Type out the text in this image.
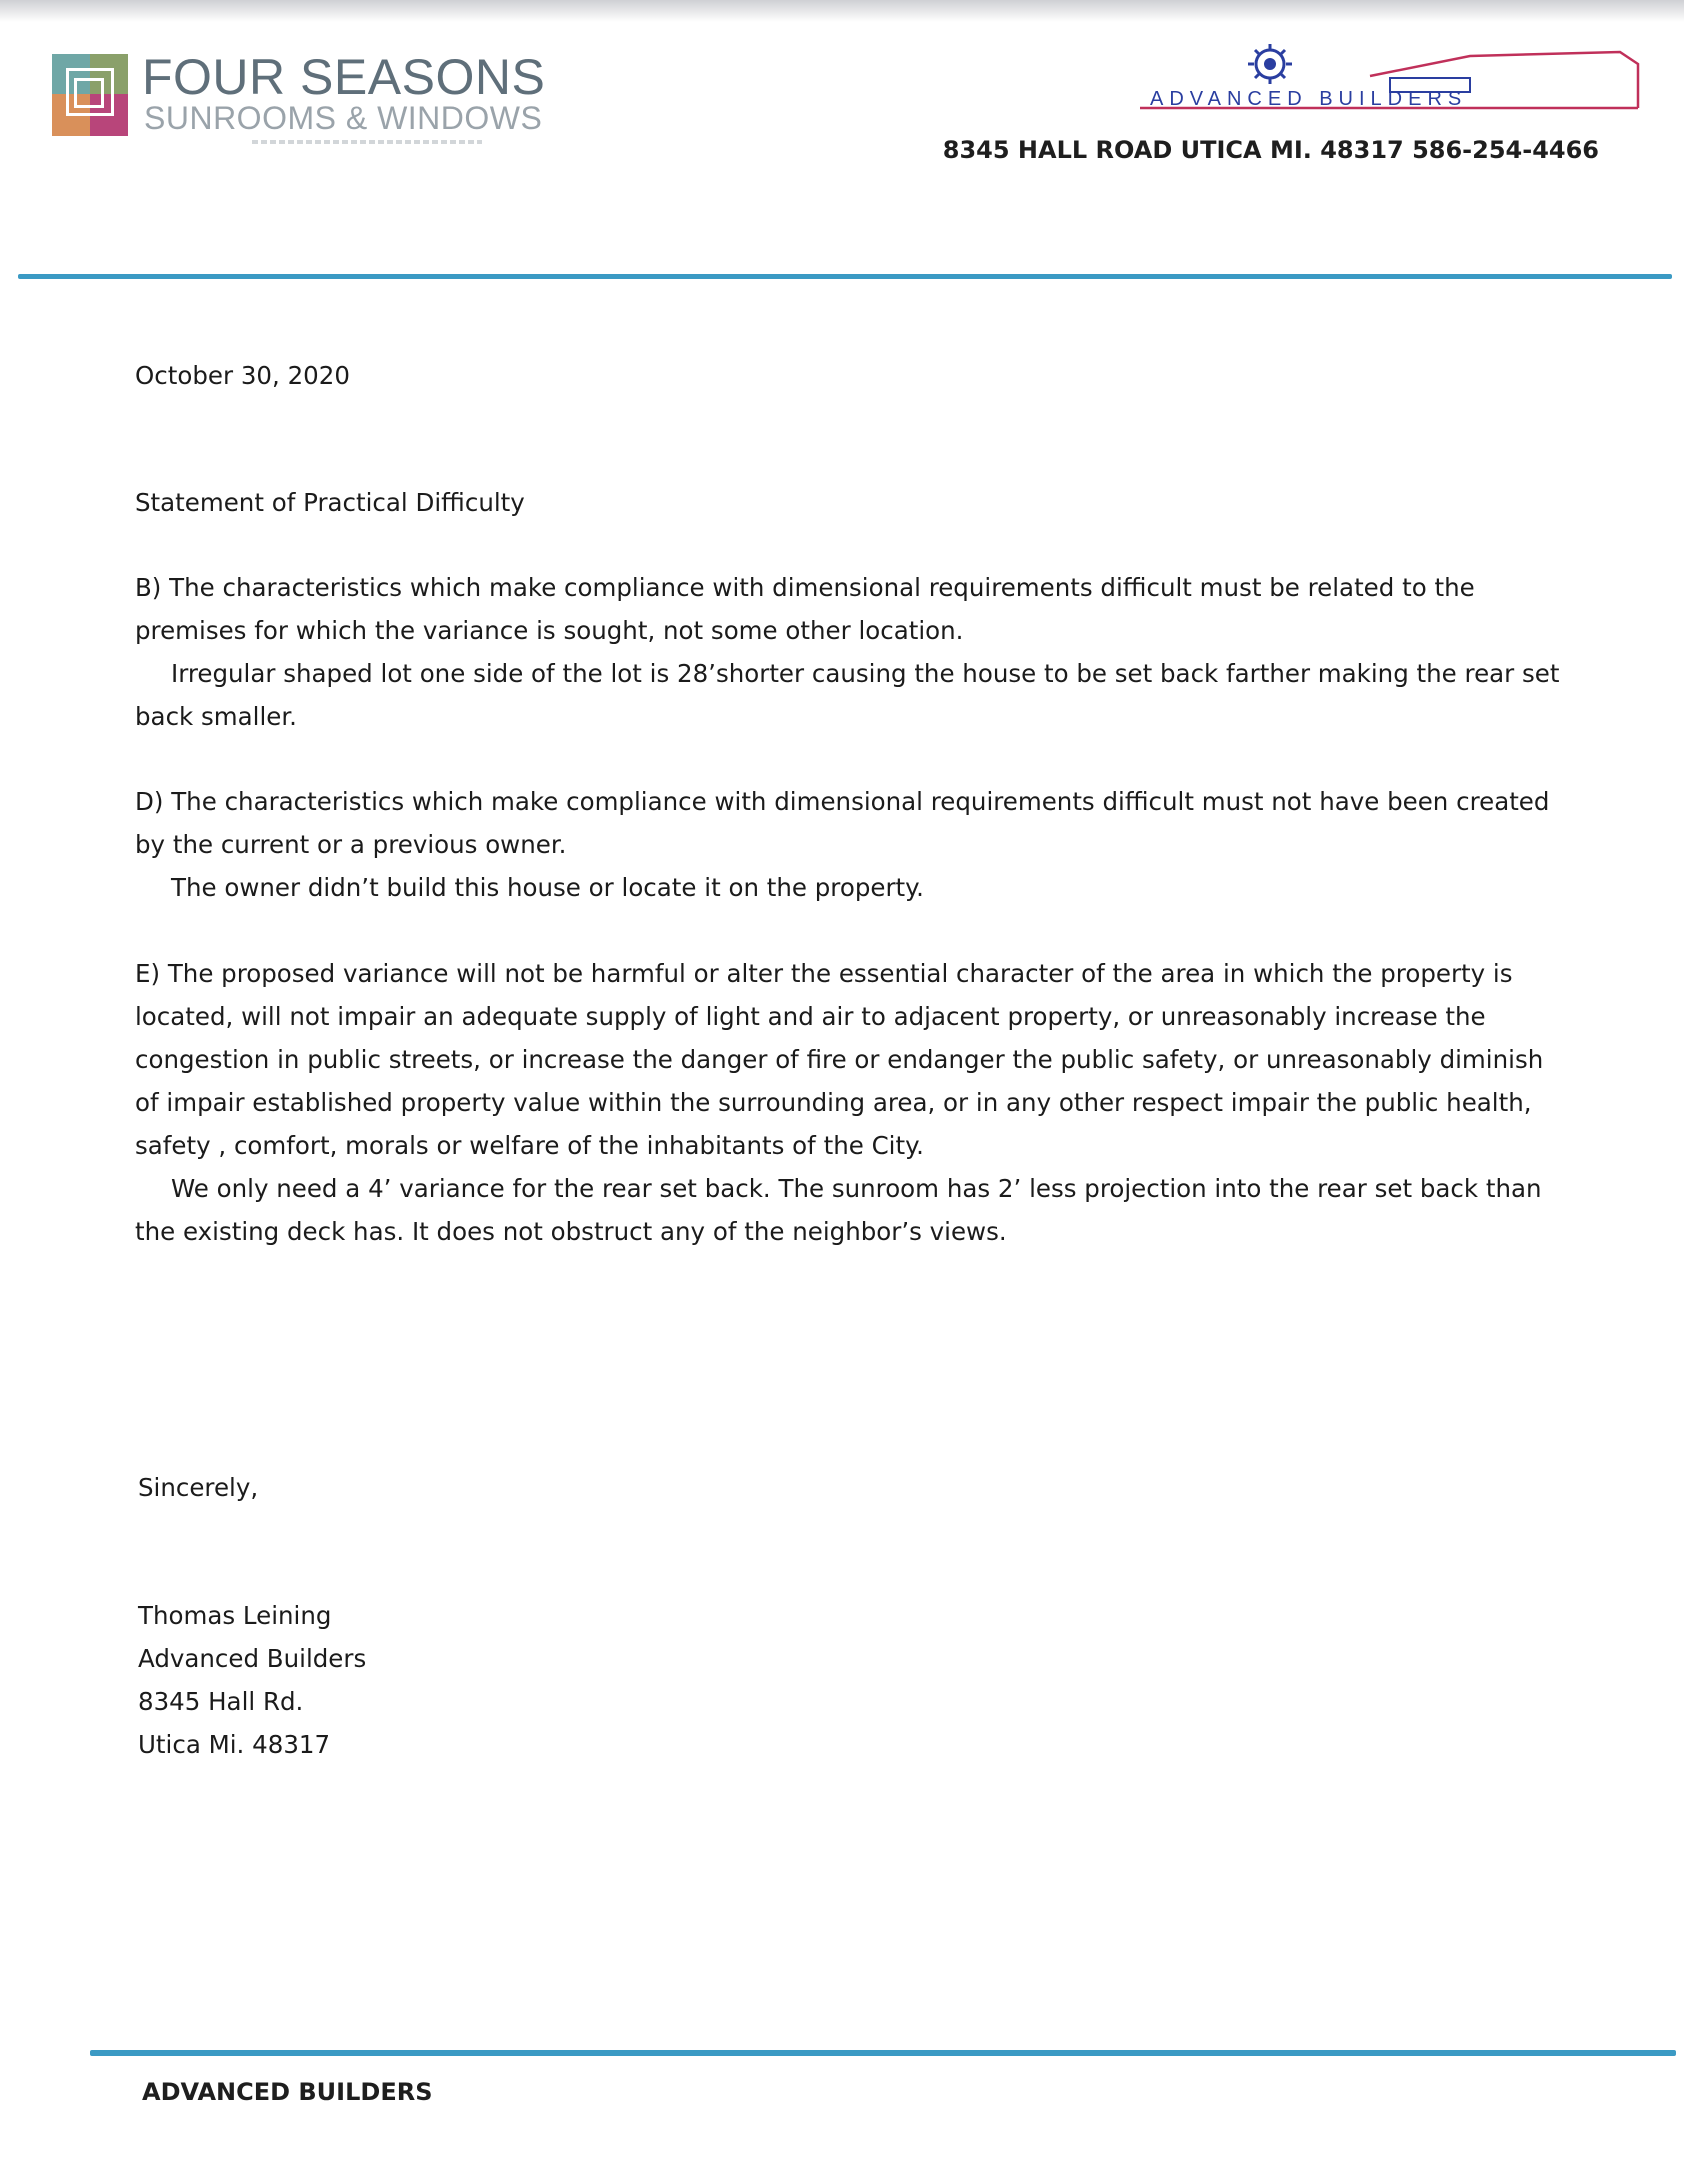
FOUR SEASONS
SUNROOMS & WINDOWS
ADVANCED BUILDERS
8345 HALL ROAD UTICA MI. 48317 586-254-4466
October 30, 2020
Statement of Practical Difficulty

B) The characteristics which make compliance with dimensional requirements difficult must be related to the premises for which the variance is sought, not some other location.

Irregular shaped lot one side of the lot is 28’shorter causing the house to be set back farther making the rear set back smaller.

D) The characteristics which make compliance with dimensional requirements difficult must not have been created by the current or a previous owner.

The owner didn’t build this house or locate it on the property.

E) The proposed variance will not be harmful or alter the essential character of the area in which the property is located, will not impair an adequate supply of light and air to adjacent property, or unreasonably increase the congestion in public streets, or increase the danger of fire or endanger the public safety, or unreasonably diminish of impair established property value within the surrounding area, or in any other respect impair the public health, safety , comfort, morals or welfare of the inhabitants of the City.

We only need a 4’ variance for the rear set back. The sunroom has 2’ less projection into the rear set back than the existing deck has. It does not obstruct any of the neighbor’s views.

Sincerely,

Thomas Leining

Advanced Builders

8345 Hall Rd.

Utica Mi. 48317

ADVANCED BUILDERS
